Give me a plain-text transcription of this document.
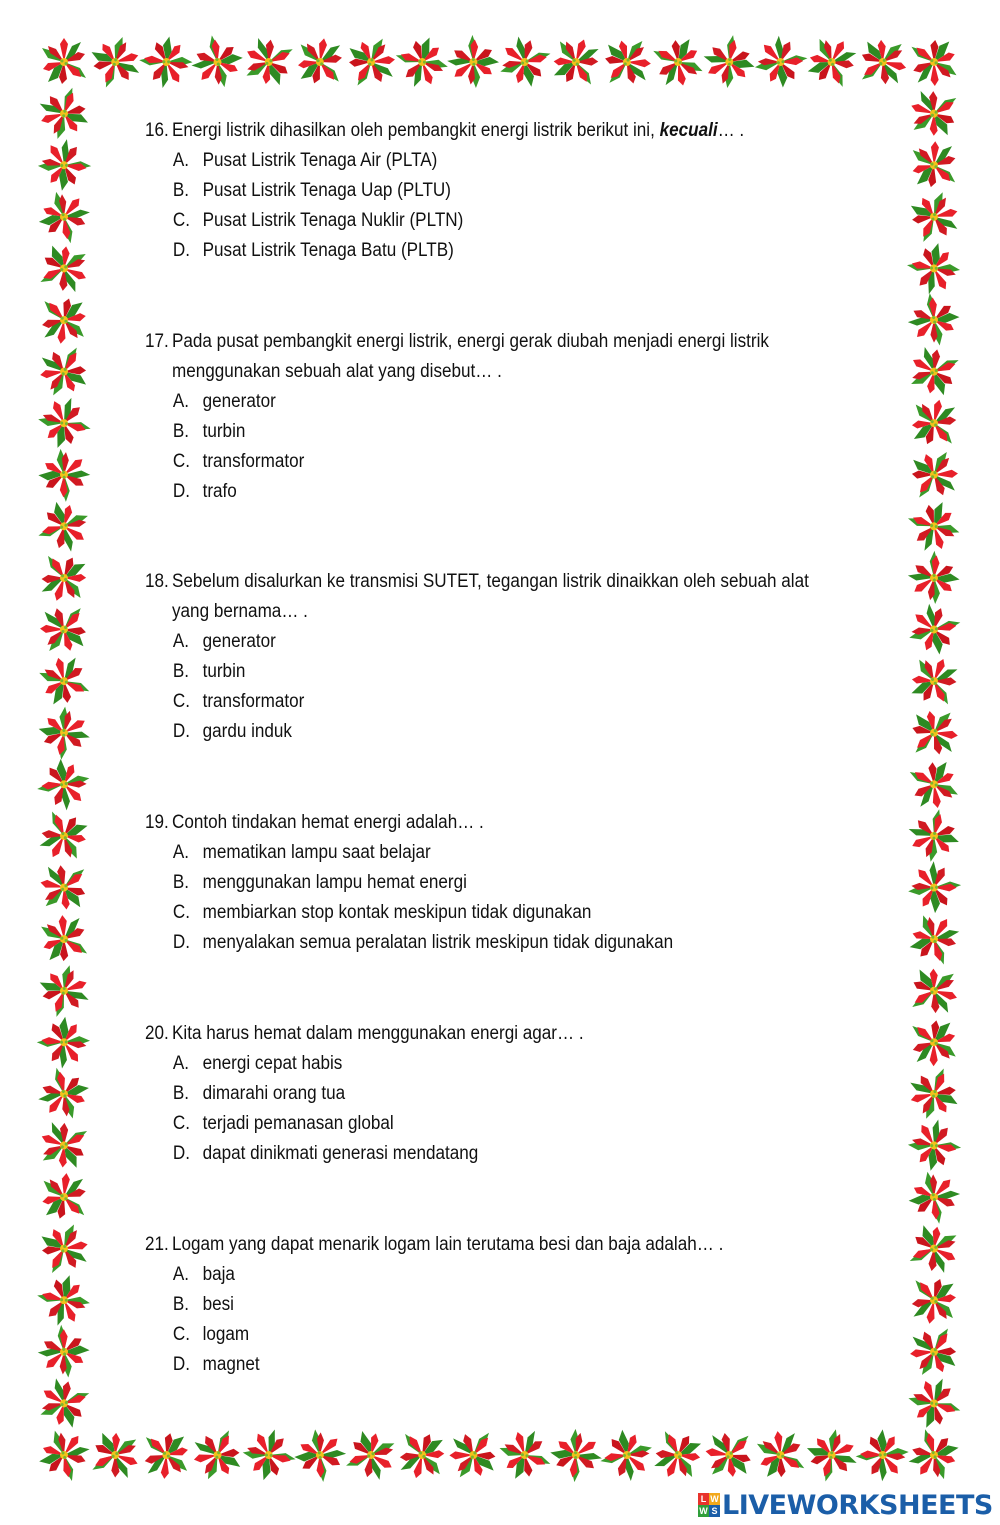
16. Energi listrik dihasilkan oleh pembangkit energi listrik berikut ini, kecuali… .
A. Pusat Listrik Tenaga Air (PLTA)
B. Pusat Listrik Tenaga Uap (PLTU)
C. Pusat Listrik Tenaga Nuklir (PLTN)
D. Pusat Listrik Tenaga Batu (PLTB)
17. Pada pusat pembangkit energi listrik, energi gerak diubah menjadi energi listrik
menggunakan sebuah alat yang disebut… .
A. generator
B. turbin
C. transformator
D. trafo
18. Sebelum disalurkan ke transmisi SUTET, tegangan listrik dinaikkan oleh sebuah alat
yang bernama… .
A. generator
B. turbin
C. transformator
D. gardu induk
19. Contoh tindakan hemat energi adalah… .
A. mematikan lampu saat belajar
B. menggunakan lampu hemat energi
C. membiarkan stop kontak meskipun tidak digunakan
D. menyalakan semua peralatan listrik meskipun tidak digunakan
20. Kita harus hemat dalam menggunakan energi agar… .
A. energi cepat habis
B. dimarahi orang tua
C. terjadi pemanasan global
D. dapat dinikmati generasi mendatang
21. Logam yang dapat menarik logam lain terutama besi dan baja adalah… .
A. baja
B. besi
C. logam
D. magnet
L W
W S LIVEWORKSHEETS
